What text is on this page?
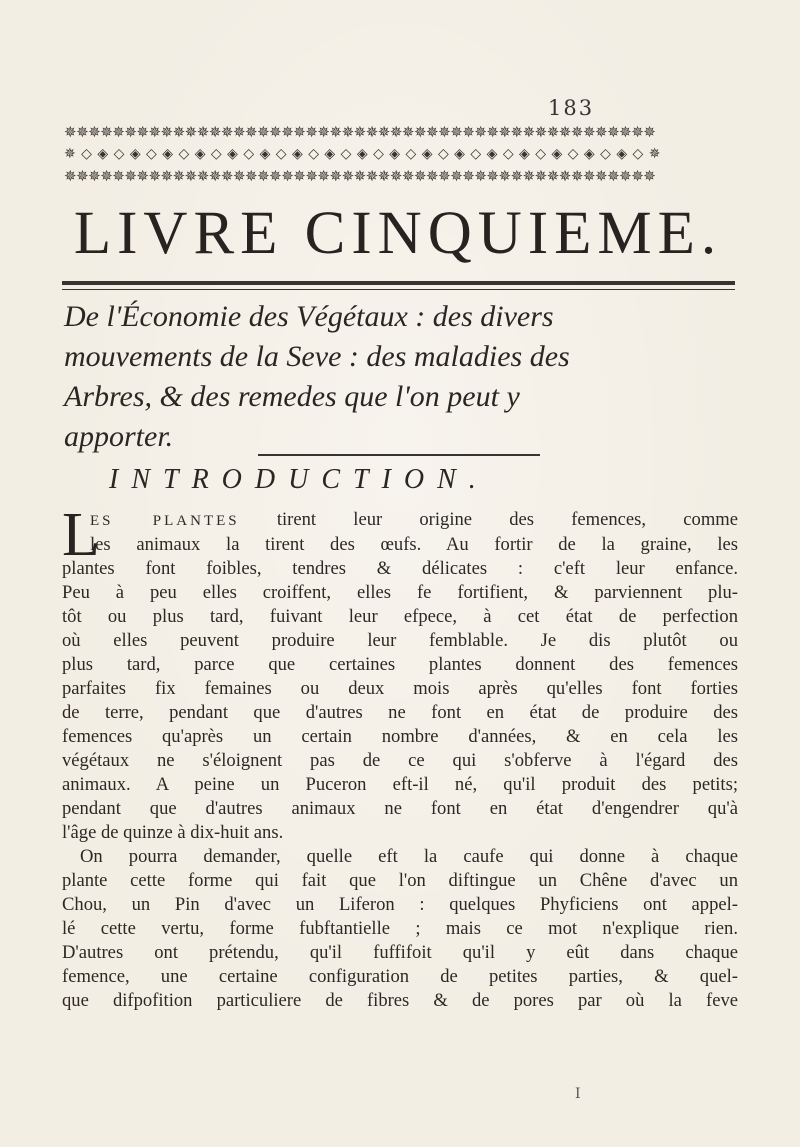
183
✵✵✵✵✵✵✵✵✵✵✵✵✵✵✵✵✵✵✵✵✵✵✵✵✵✵✵✵✵✵✵✵✵✵✵✵✵✵✵✵✵✵✵✵✵✵✵✵✵
✵ ◇ ◈ ◇ ◈ ◇ ◈ ◇ ◈ ◇ ◈ ◇ ◈ ◇ ◈ ◇ ◈ ◇ ◈ ◇ ◈ ◇ ◈ ◇ ◈ ◇ ◈ ◇ ◈ ◇ ◈ ◇ ◈ ◇ ◈ ◇ ✵
✵✵✵✵✵✵✵✵✵✵✵✵✵✵✵✵✵✵✵✵✵✵✵✵✵✵✵✵✵✵✵✵✵✵✵✵✵✵✵✵✵✵✵✵✵✵✵✵✵
LIVRE CINQUIEME.
De l'Économie des Végétaux : des divers
mouvements de la Seve : des maladies des
Arbres, & des remedes que l'on peut y
apporter.
INTRODUCTION.
L
ES PLANTES tirent leur origine des femences, comme
les animaux la tirent des œufs. Au fortir de la graine, les
plantes font foibles, tendres & délicates : c'eft leur enfance.
Peu à peu elles croiffent, elles fe fortifient, & parviennent plu-
tôt ou plus tard, fuivant leur efpece, à cet état de perfection
où elles peuvent produire leur femblable. Je dis plutôt ou
plus tard, parce que certaines plantes donnent des femences
parfaites fix femaines ou deux mois après qu'elles font forties
de terre, pendant que d'autres ne font en état de produire des
femences qu'après un certain nombre d'années, & en cela les
végétaux ne s'éloignent pas de ce qui s'obferve à l'égard des
animaux. A peine un Puceron eft-il né, qu'il produit des petits;
pendant que d'autres animaux ne font en état d'engendrer qu'à
l'âge de quinze à dix-huit ans.
On pourra demander, quelle eft la caufe qui donne à chaque
plante cette forme qui fait que l'on diftingue un Chêne d'avec un
Chou, un Pin d'avec un Liferon : quelques Phyficiens ont appel-
lé cette vertu, forme fubftantielle ; mais ce mot n'explique rien.
D'autres ont prétendu, qu'il fuffifoit qu'il y eût dans chaque
femence, une certaine configuration de petites parties, & quel-
que difpofition particuliere de fibres & de pores par où la feve
I
